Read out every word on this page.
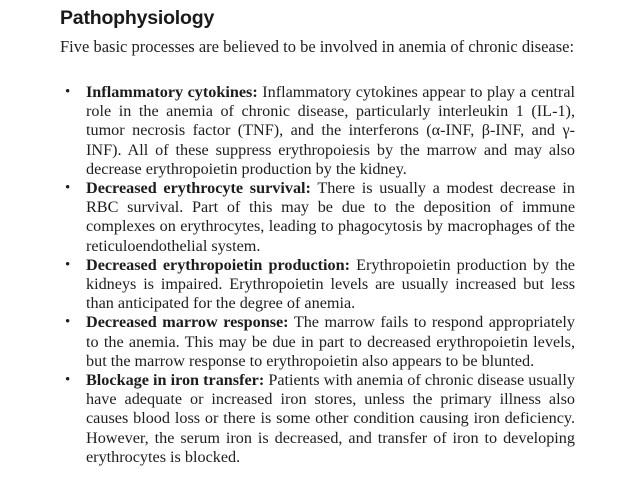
Pathophysiology

Five basic processes are believed to be involved in anemia of chronic disease:

• Inflammatory cytokines: Inflammatory cytokines appear to play a central role in the anemia of chronic disease, particularly interleukin 1 (IL-1), tumor necrosis factor (TNF), and the interferons (α-INF, β-INF, and γ-INF). All of these suppress erythropoiesis by the marrow and may also decrease erythropoietin production by the kidney.
• Decreased erythrocyte survival: There is usually a modest decrease in RBC survival. Part of this may be due to the deposition of immune complexes on erythrocytes, leading to phagocytosis by macrophages of the reticuloendothelial system.
• Decreased erythropoietin production: Erythropoietin production by the kidneys is impaired. Erythropoietin levels are usually increased but less than anticipated for the degree of anemia.
• Decreased marrow response: The marrow fails to respond appropriately to the anemia. This may be due in part to decreased erythropoietin levels, but the marrow response to erythropoietin also appears to be blunted.
• Blockage in iron transfer: Patients with anemia of chronic disease usually have adequate or increased iron stores, unless the primary illness also causes blood loss or there is some other condition causing iron deficiency. However, the serum iron is decreased, and transfer of iron to developing erythrocytes is blocked.
